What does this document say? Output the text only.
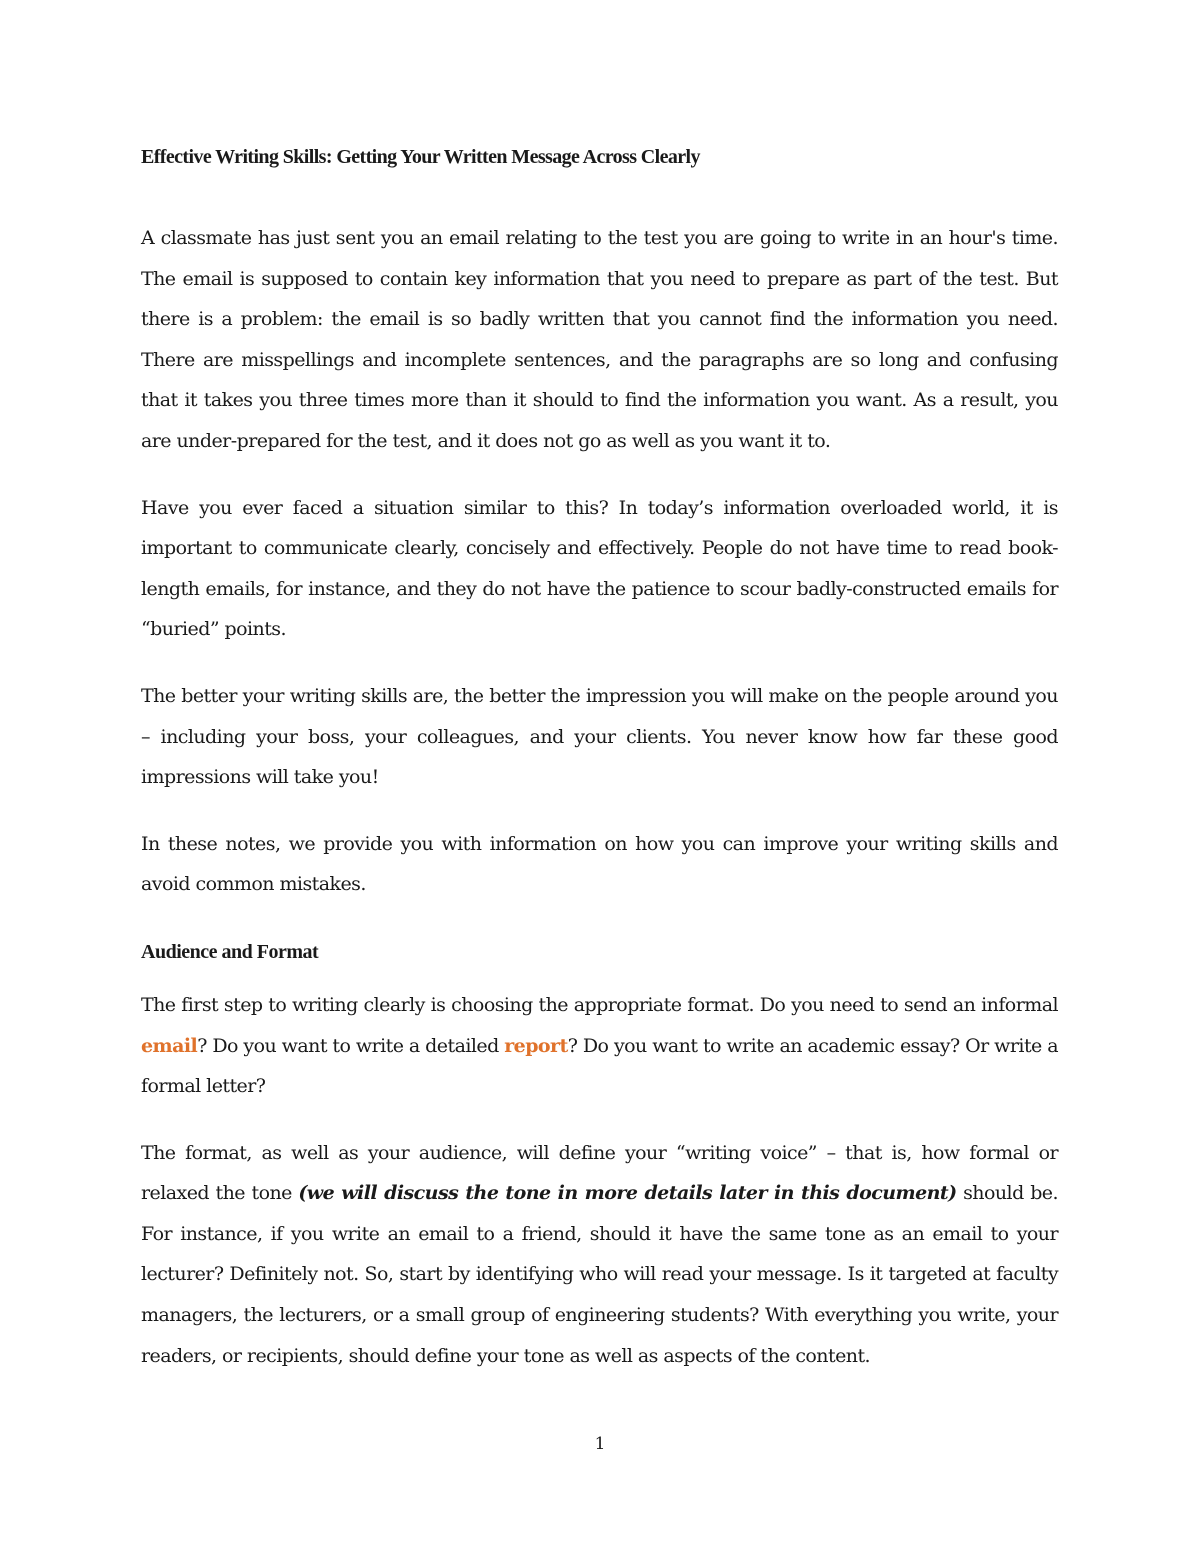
Effective Writing Skills: Getting Your Written Message Across Clearly

A classmate has just sent you an email relating to the test you are going to write in an hour's time. The email is supposed to contain key information that you need to prepare as part of the test. But there is a problem: the email is so badly written that you cannot find the information you need. There are misspellings and incomplete sentences, and the paragraphs are so long and confusing that it takes you three times more than it should to find the information you want. As a result, you are under-prepared for the test, and it does not go as well as you want it to.

Have you ever faced a situation similar to this? In today’s information overloaded world, it is important to communicate clearly, concisely and effectively. People do not have time to read book-length emails, for instance, and they do not have the patience to scour badly-constructed emails for “buried” points.

The better your writing skills are, the better the impression you will make on the people around you – including your boss, your colleagues, and your clients. You never know how far these good impressions will take you!

In these notes, we provide you with information on how you can improve your writing skills and avoid common mistakes.

Audience and Format

The first step to writing clearly is choosing the appropriate format. Do you need to send an informal email? Do you want to write a detailed report? Do you want to write an academic essay? Or write a formal letter?

The format, as well as your audience, will define your “writing voice” – that is, how formal or relaxed the tone (we will discuss the tone in more details later in this document) should be. For instance, if you write an email to a friend, should it have the same tone as an email to your lecturer? Definitely not. So, start by identifying who will read your message. Is it targeted at faculty managers, the lecturers, or a small group of engineering students? With everything you write, your readers, or recipients, should define your tone as well as aspects of the content.

1
